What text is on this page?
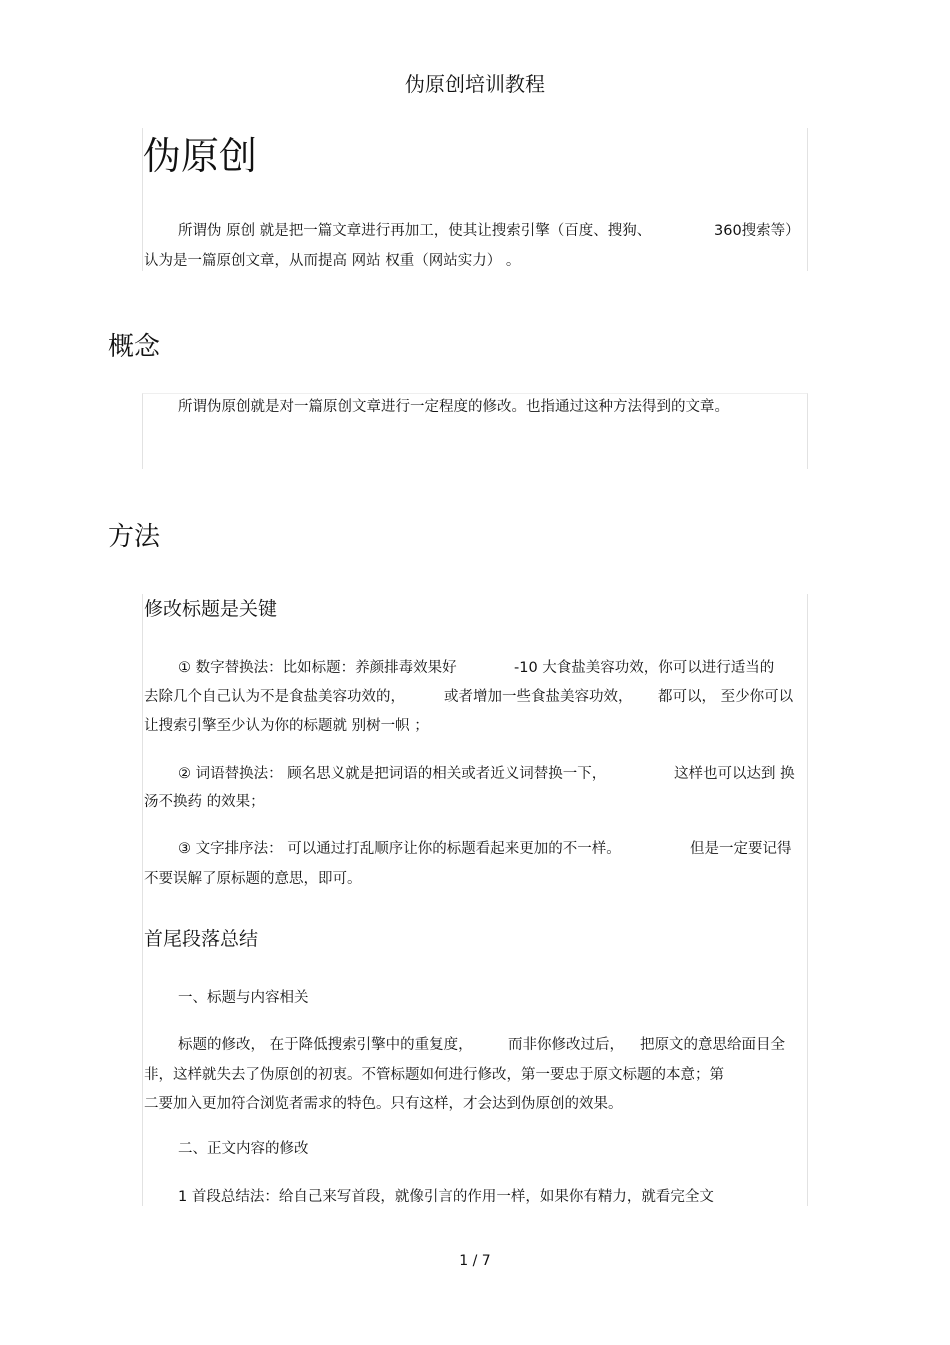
伪原创培训教程
伪原创
所谓伪 原创 就是把一篇文章进行再加工，使其让搜索引擎（百度、搜狗、	360搜索等）
认为是一篇原创文章，从而提高 网站 权重（网站实力） 。
概念
所谓伪原创就是对一篇原创文章进行一定程度的修改。也指通过这种方法得到的文章。
方法
修改标题是关键
① 数字替换法：比如标题：养颜排毒效果好	-10 大食盐美容功效，你可以进行适当的
去除几个自己认为不是食盐美容功效的，	或者增加一些食盐美容功效， 都可以， 至少你可以
让搜索引擎至少认为你的标题就 别树一帜 ；
② 词语替换法： 顾名思义就是把词语的相关或者近义词替换一下，	这样也可以达到 换
汤不换药 的效果；
③ 文字排序法： 可以通过打乱顺序让你的标题看起来更加的不一样。	但是一定要记得
不要误解了原标题的意思，即可。
首尾段落总结
一、标题与内容相关
标题的修改， 在于降低搜索引擎中的重复度， 而非你修改过后， 把原文的意思给面目全
非，这样就失去了伪原创的初衷。不管标题如何进行修改，第一要忠于原文标题的本意；第
二要加入更加符合浏览者需求的特色。只有这样，才会达到伪原创的效果。
二、正文内容的修改
1 首段总结法：给自己来写首段，就像引言的作用一样，如果你有精力，就看完全文
1 / 7
